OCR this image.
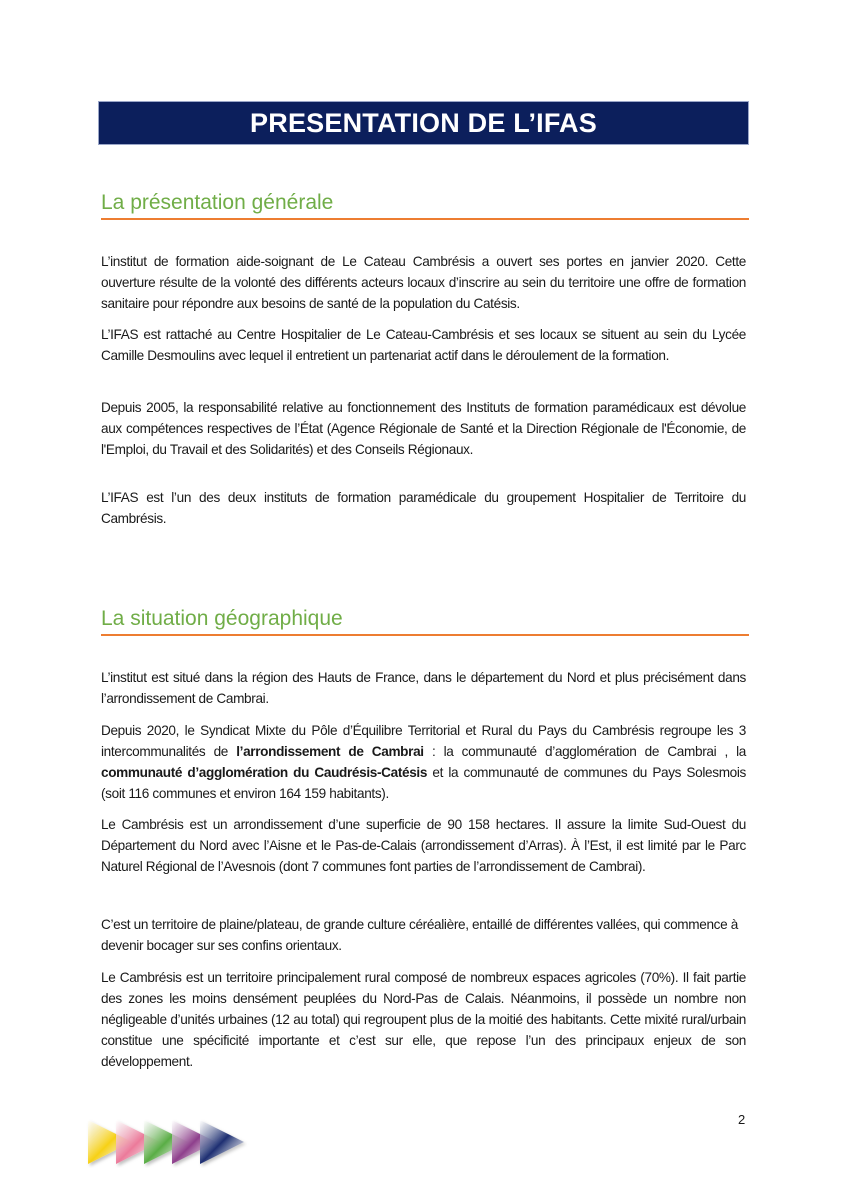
PRESENTATION DE L’IFAS
La présentation générale

L’institut de formation aide-soignant de Le Cateau Cambrésis a ouvert ses portes en janvier 2020. Cette ouverture résulte de la volonté des différents acteurs locaux d’inscrire au sein du territoire une offre de formation sanitaire pour répondre aux besoins de santé de la population du Catésis.

L’IFAS est rattaché au Centre Hospitalier de Le Cateau-Cambrésis et ses locaux se situent au sein du Lycée Camille Desmoulins avec lequel il entretient un partenariat actif dans le déroulement de la formation.

Depuis 2005, la responsabilité relative au fonctionnement des Instituts de formation paramédicaux est dévolue aux compétences respectives de l’État (Agence Régionale de Santé et la Direction Régionale de l'Économie, de l'Emploi, du Travail et des Solidarités) et des Conseils Régionaux.

L’IFAS est l’un des deux instituts de formation paramédicale du groupement Hospitalier de Territoire du Cambrésis.

La situation géographique

L’institut est situé dans la région des Hauts de France, dans le département du Nord et plus précisément dans l’arrondissement de Cambrai.

Depuis 2020, le Syndicat Mixte du Pôle d’Équilibre Territorial et Rural du Pays du Cambrésis regroupe les 3 intercommunalités de l’arrondissement de Cambrai : la communauté d’agglomération de Cambrai , la communauté d’agglomération du Caudrésis-Catésis et la communauté de communes du Pays Solesmois (soit 116 communes et environ 164 159 habitants).

Le Cambrésis est un arrondissement d’une superficie de 90 158 hectares. Il assure la limite Sud-Ouest du Département du Nord avec l’Aisne et le Pas-de-Calais (arrondissement d’Arras). À l’Est, il est limité par le Parc Naturel Régional de l’Avesnois (dont 7 communes font parties de l’arrondissement de Cambrai).

C’est un territoire de plaine/plateau, de grande culture céréalière, entaillé de différentes vallées, qui commence à devenir bocager sur ses confins orientaux.

Le Cambrésis est un territoire principalement rural composé de nombreux espaces agricoles (70%). Il fait partie des zones les moins densément peuplées du Nord-Pas de Calais. Néanmoins, il possède un nombre non négligeable d’unités urbaines (12 au total) qui regroupent plus de la moitié des habitants. Cette mixité rural/urbain constitue une spécificité importante et c’est sur elle, que repose l’un des principaux enjeux de son développement.

2
